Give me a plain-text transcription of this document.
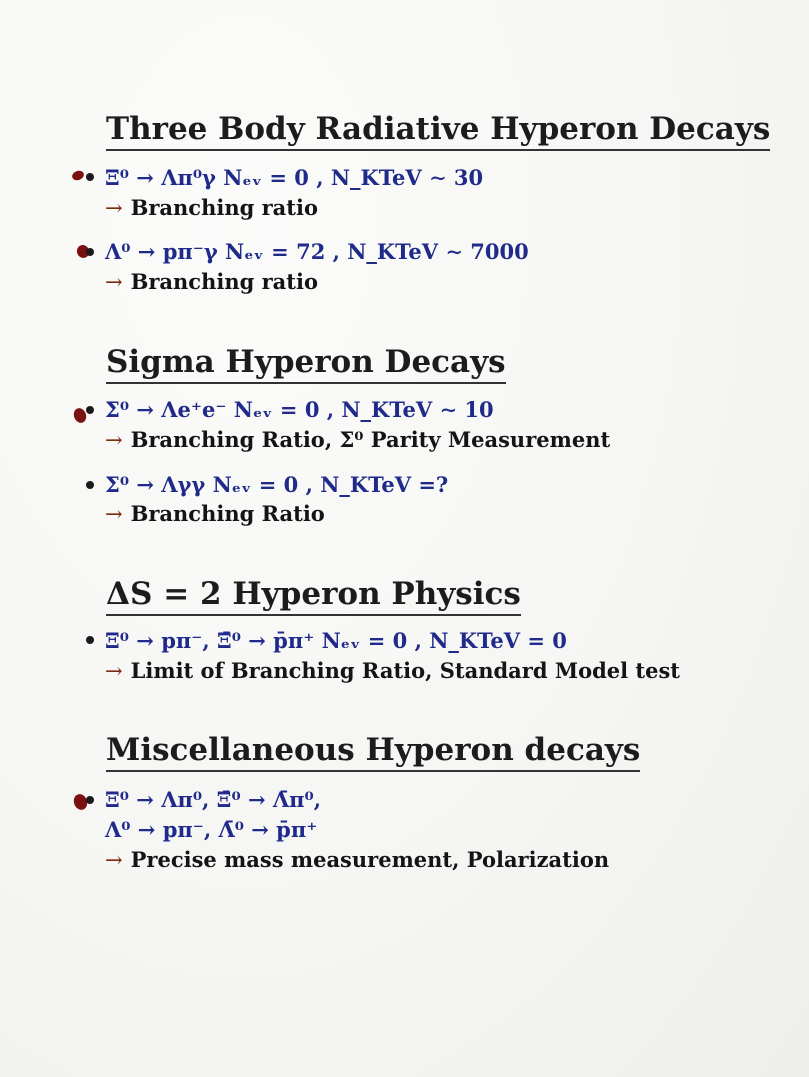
Three Body Radiative Hyperon Decays
Ξ⁰ → Λπ⁰γ Nₑᵥ = 0 , N_KTeV ∼ 30
→ Branching ratio
Λ⁰ → pπ⁻γ Nₑᵥ = 72 , N_KTeV ∼ 7000
→ Branching ratio
Sigma Hyperon Decays
Σ⁰ → Λe⁺e⁻ Nₑᵥ = 0 , N_KTeV ∼ 10
→ Branching Ratio, Σ⁰ Parity Measurement
Σ⁰ → Λγγ Nₑᵥ = 0 , N_KTeV =?
→ Branching Ratio
ΔS = 2 Hyperon Physics
Ξ⁰ → pπ⁻, Ξ̄⁰ → p̄π⁺ Nₑᵥ = 0 , N_KTeV = 0
→ Limit of Branching Ratio, Standard Model test
Miscellaneous Hyperon decays
Ξ⁰ → Λπ⁰, Ξ̄⁰ → Λ̄π⁰,
Λ⁰ → pπ⁻, Λ̄⁰ → p̄π⁺
→ Precise mass measurement, Polarization
